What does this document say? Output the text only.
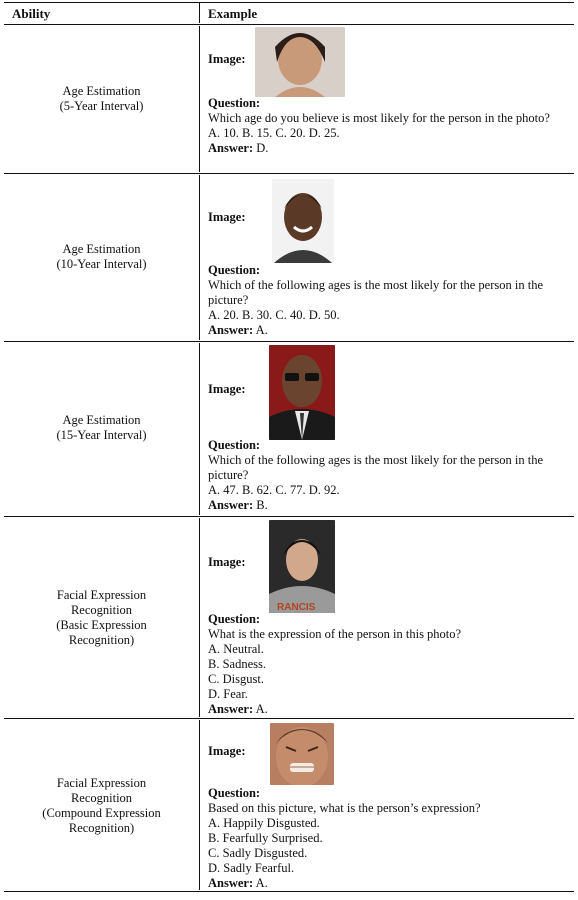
Ability	Example
Age Estimation
(5-Year Interval)
Image:
Question:
Which age do you believe is most likely for the person in the photo?
A. 10. B. 15. C. 20. D. 25.
Answer: D.
Age Estimation
(10-Year Interval)
Image:
Question:
Which of the following ages is the most likely for the person in the picture?
A. 20. B. 30. C. 40. D. 50.
Answer: A.
Age Estimation
(15-Year Interval)
Image:
Question:
Which of the following ages is the most likely for the person in the picture?
A. 47. B. 62. C. 77. D. 92.
Answer: B.
Facial Expression
Recognition
(Basic Expression
Recognition)
Image:
RANCIS
Question:
What is the expression of the person in this photo?
A. Neutral.
B. Sadness.
C. Disgust.
D. Fear.
Answer: A.
Facial Expression
Recognition
(Compound Expression
Recognition)
Image:
Question:
Based on this picture, what is the person’s expression?
A. Happily Disgusted.
B. Fearfully Surprised.
C. Sadly Disgusted.
D. Sadly Fearful.
Answer: A.
